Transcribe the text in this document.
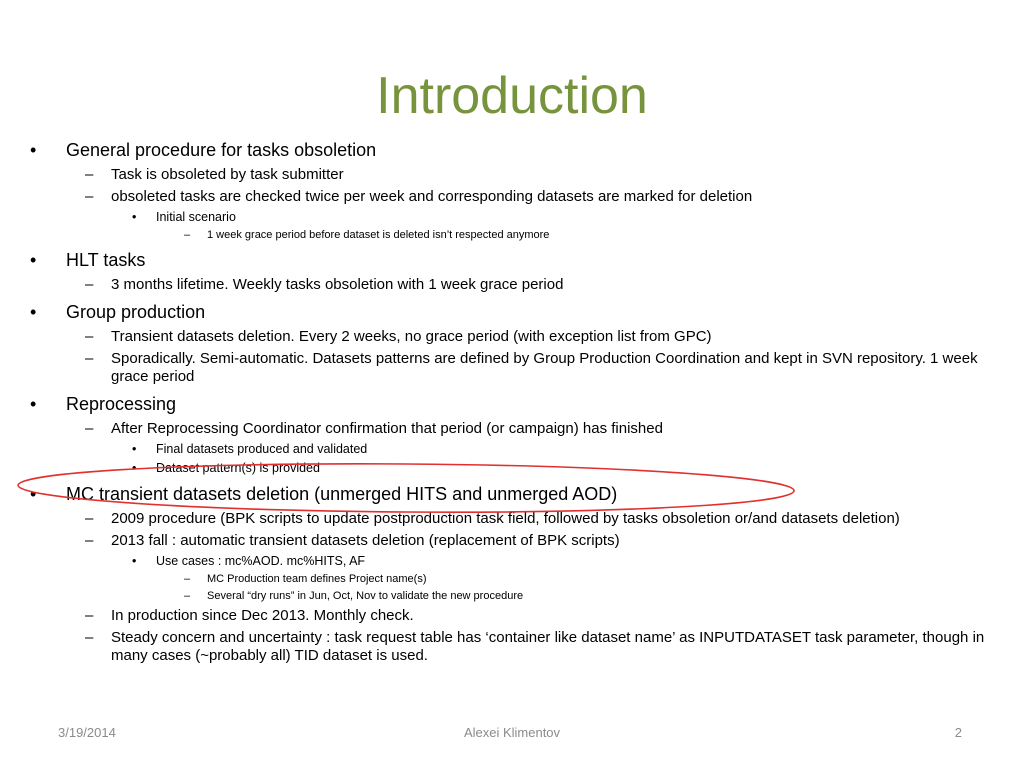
Introduction
• General procedure for tasks obsoletion
– Task is obsoleted by task submitter
– obsoleted tasks are checked twice per week and corresponding datasets are marked for deletion
• Initial scenario
– 1 week grace period before dataset is deleted isn’t respected anymore
• HLT tasks
– 3 months lifetime. Weekly tasks obsoletion with 1 week grace period
• Group production
– Transient datasets deletion. Every 2 weeks, no grace period (with exception list from GPC)
– Sporadically. Semi-automatic. Datasets patterns are defined by Group Production Coordination and kept in SVN repository. 1 week grace period
• Reprocessing
– After Reprocessing Coordinator confirmation that period (or campaign) has finished
• Final datasets produced and validated
• Dataset pattern(s) is provided
• MC transient datasets deletion (unmerged HITS and unmerged AOD)
– 2009 procedure (BPK scripts to update postproduction task field, followed by tasks obsoletion or/and datasets deletion)
– 2013 fall : automatic transient datasets deletion (replacement of BPK scripts)
• Use cases : mc%AOD. mc%HITS, AF
– MC Production team defines Project name(s)
– Several “dry runs” in Jun, Oct, Nov to validate the new procedure
– In production since Dec 2013. Monthly check.
– Steady concern and uncertainty : task request table has ‘container like dataset name’ as INPUTDATASET task parameter, though in many cases (~probably all) TID dataset is used.
3/19/2014	Alexei Klimentov	2
